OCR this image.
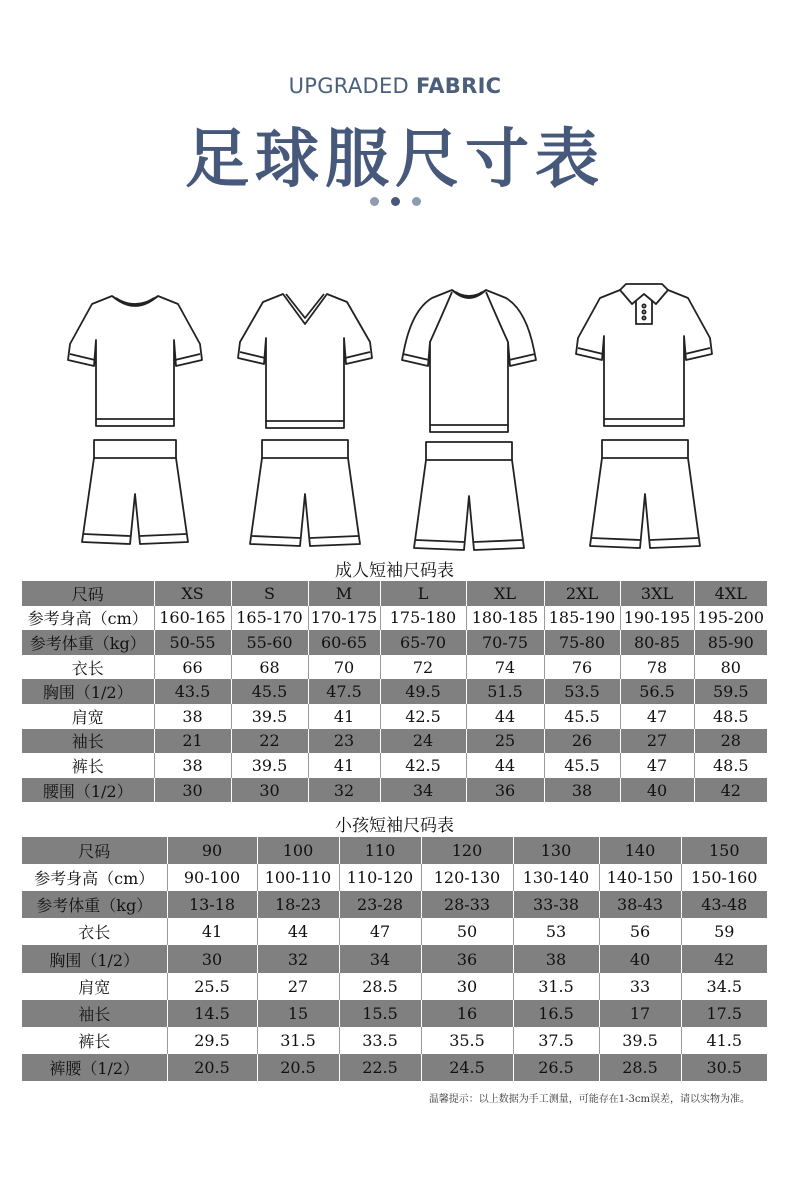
UPGRADED FABRIC
足球服尺寸表
成人短袖尺码表								
尺码	XS	S	M	L	XL	2XL	3XL	4XL
参考身高（cm）	160-165	165-170	170-175	175-180	180-185	185-190	190-195	195-200
参考体重（kg）	50-55	55-60	60-65	65-70	70-75	75-80	80-85	85-90
衣长	66	68	70	72	74	76	78	80
胸围（1/2）	43.5	45.5	47.5	49.5	51.5	53.5	56.5	59.5
肩宽	38	39.5	41	42.5	44	45.5	47	48.5
袖长	21	22	23	24	25	26	27	28
裤长	38	39.5	41	42.5	44	45.5	47	48.5
腰围（1/2）	30	30	32	34	36	38	40	42
小孩短袖尺码表							
尺码	90	100	110	120	130	140	150
参考身高（cm）	90-100	100-110	110-120	120-130	130-140	140-150	150-160
参考体重（kg）	13-18	18-23	23-28	28-33	33-38	38-43	43-48
衣长	41	44	47	50	53	56	59
胸围（1/2）	30	32	34	36	38	40	42
肩宽	25.5	27	28.5	30	31.5	33	34.5
袖长	14.5	15	15.5	16	16.5	17	17.5
裤长	29.5	31.5	33.5	35.5	37.5	39.5	41.5
裤腰（1/2）	20.5	20.5	22.5	24.5	26.5	28.5	30.5
温馨提示：以上数据为手工测量，可能存在1-3cm误差，请以实物为准。
